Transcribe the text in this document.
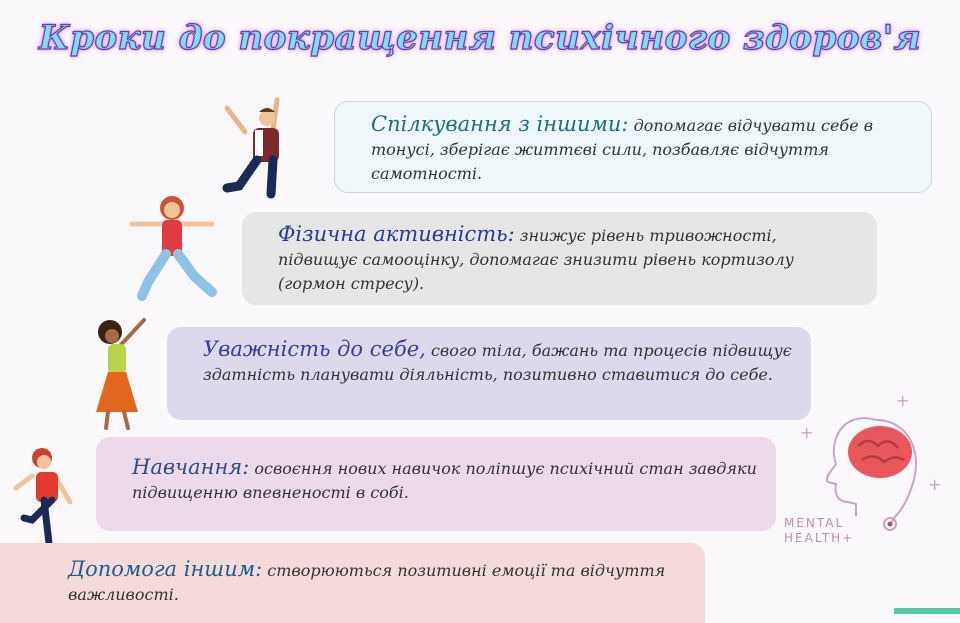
Кроки до покращення психічного здоров'я
+
+
+
MENTAL
HEALTH+
Спілкування з іншими: допомагає відчувати себе в тонусі, зберігає життєві сили, позбавляє відчуття самотності.
Фізична активність: знижує рівень тривожності, підвищує самооцінку, допомагає знизити рівень кортизолу (гормон стресу).
Уважність до себе, свого тіла, бажань та процесів підвищує здатність планувати діяльність, позитивно ставитися до себе.
Навчання: освоєння нових навичок поліпшує психічний стан завдяки підвищенню впевненості в собі.
Допомога іншим: створюються позитивні емоції та відчуття важливості.
